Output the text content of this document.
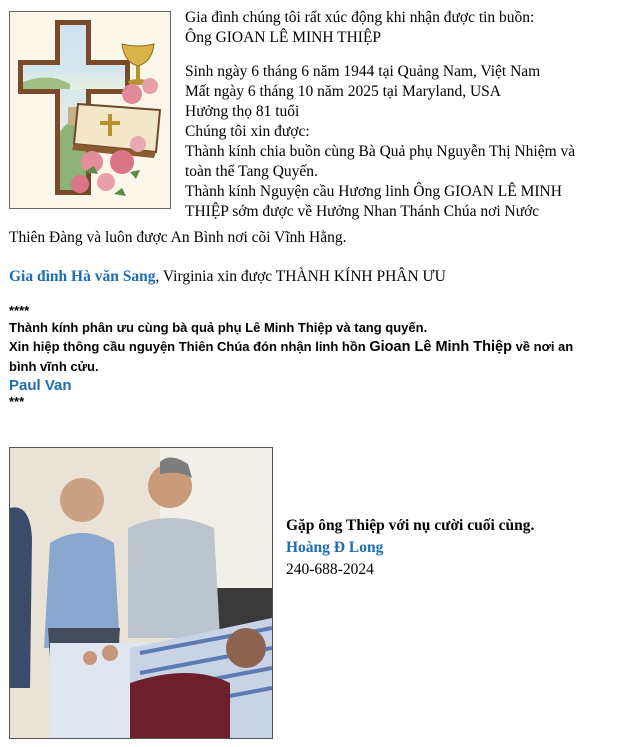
Gia đình chúng tôi rất xúc động khi nhận được tin buồn:

Ông GIOAN LÊ MINH THIỆP

Sinh ngày 6 tháng 6 năm 1944 tại Quảng Nam, Việt Nam

Mất ngày 6 tháng 10 năm 2025 tại Maryland, USA

Hưởng thọ 81 tuổi

Chúng tôi xin được:

Thành kính chia buồn cùng Bà Quả phụ Nguyễn Thị Nhiệm và

toàn thể Tang Quyến.

Thành kính Nguyện cầu Hương linh Ông GIOAN LÊ MINH

THIỆP sớm được về Hưởng Nhan Thánh Chúa nơi Nước

Thiên Đàng và luôn được An Bình nơi cõi Vĩnh Hằng.
Gia đình Hà văn Sang, Virginia xin được THÀNH KÍNH PHÂN ƯU
****
Thành kính phân ưu cùng bà quả phụ Lê Minh Thiệp và tang quyến.
Xin hiệp thông cầu nguyện Thiên Chúa đón nhận linh hồn Gioan Lê Minh Thiệp về nơi an
bình vĩnh cửu.
Paul Van
***
Gặp ông Thiệp với nụ cười cuối cùng.
Hoàng Đ Long
240-688-2024
